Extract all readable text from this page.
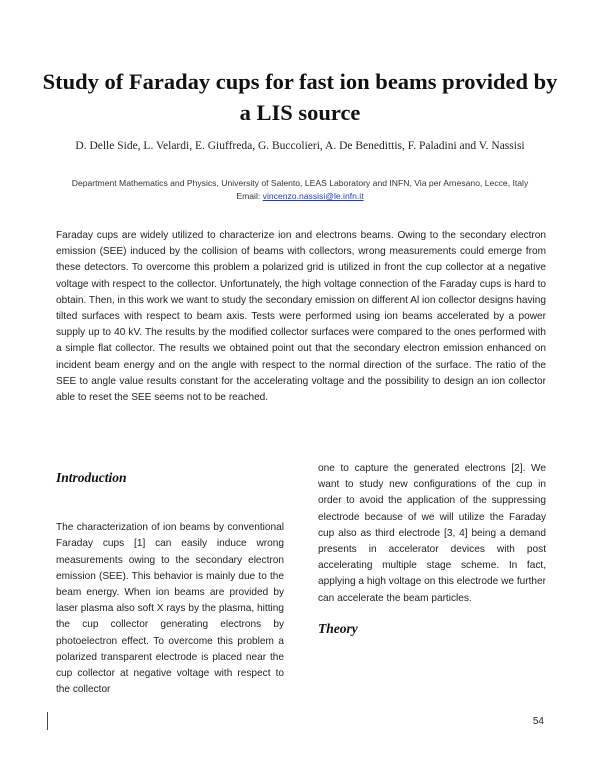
Study of Faraday cups for fast ion beams provided by a LIS source
D. Delle Side, L. Velardi, E. Giuffreda, G. Buccolieri, A. De Benedittis, F. Paladini and V. Nassisi
Department Mathematics and Physics, University of Salento, LEAS Laboratory and INFN, Via per Arnesano, Lecce, Italy
Email: vincenzo.nassisi@le.infn.it

Faraday cups are widely utilized to characterize ion and electrons beams. Owing to the secondary electron emission (SEE) induced by the collision of beams with collectors, wrong measurements could emerge from these detectors. To overcome this problem a polarized grid is utilized in front the cup collector at a negative voltage with respect to the collector. Unfortunately, the high voltage connection of the Faraday cups is hard to obtain. Then, in this work we want to study the secondary emission on different Al ion collector designs having tilted surfaces with respect to beam axis. Tests were performed using ion beams accelerated by a power supply up to 40 kV. The results by the modified collector surfaces were compared to the ones performed with a simple flat collector. The results we obtained point out that the secondary electron emission enhanced on incident beam energy and on the angle with respect to the normal direction of the surface. The ratio of the SEE to angle value results constant for the accelerating voltage and the possibility to design an ion collector able to reset the SEE seems not to be reached.

Introduction

The characterization of ion beams by conventional Faraday cups [1] can easily induce wrong measurements owing to the secondary electron emission (SEE). This behavior is mainly due to the beam energy. When ion beams are provided by laser plasma also soft X rays by the plasma, hitting the cup collector generating electrons by photoelectron effect. To overcome this problem a polarized transparent electrode is placed near the cup collector at negative voltage with respect to the collector

one to capture the generated electrons [2]. We want to study new configurations of the cup in order to avoid the application of the suppressing electrode because of we will utilize the Faraday cup also as third electrode [3, 4] being a demand presents in accelerator devices with post accelerating multiple stage scheme. In fact, applying a high voltage on this electrode we further can accelerate the beam particles.

Theory
54
